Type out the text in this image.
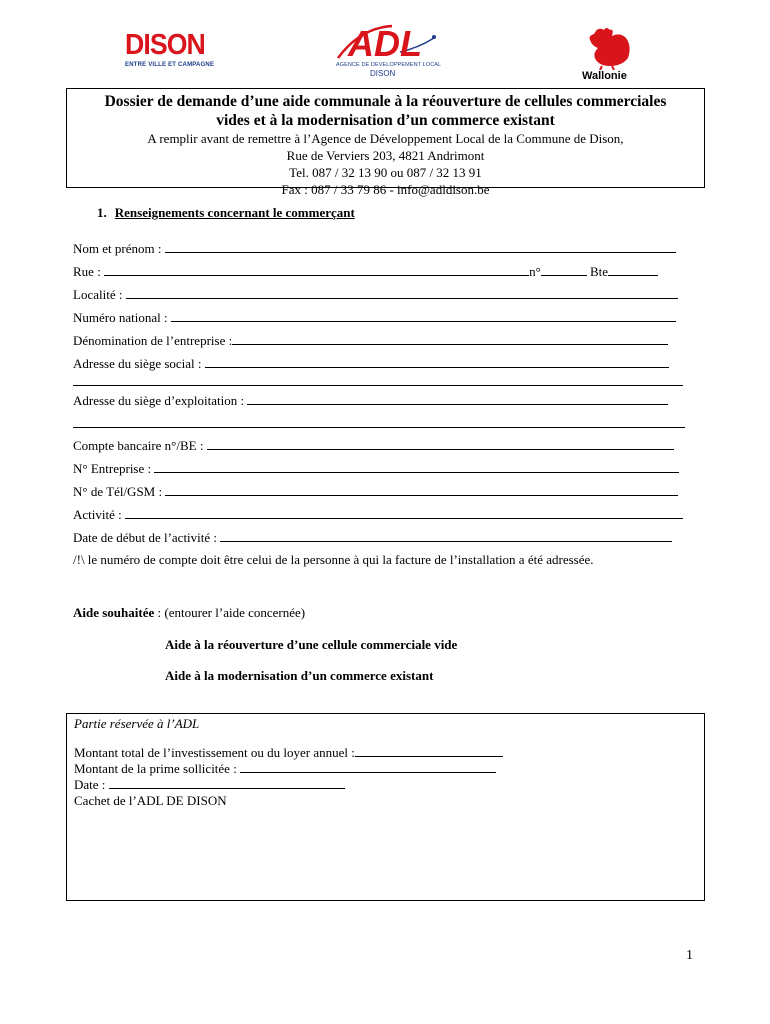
DISON
ENTRE VILLE ET CAMPAGNE
ADL
AGENCE DE DEVELOPPEMENT LOCAL
DISON	Wallonie
Dossier de demande d’une aide communale à la réouverture de cellules commerciales
vides et à la modernisation d’un commerce existant
A remplir avant de remettre à l’Agence de Développement Local de la Commune de Dison,
Rue de Verviers 203, 4821 Andrimont
Tel. 087 / 32 13 90 ou 087 / 32 13 91
Fax : 087 / 33 79 86 - info@adldison.be
1. Renseignements concernant le commerçant
Nom et prénom :
Rue :	n°	Bte
Localité :
Numéro national :
Dénomination de l’entreprise :
Adresse du siège social :
Adresse du siège d’exploitation :
Compte bancaire n°/BE :
N° Entreprise :
N° de Tél/GSM :
Activité :
Date de début de l’activité :
/!\ le numéro de compte doit être celui de la personne à qui la facture de l’installation a été adressée.
Aide souhaitée : (entourer l’aide concernée)
Aide à la réouverture d’une cellule commerciale vide
Aide à la modernisation d’un commerce existant
Partie réservée à l’ADL
Montant total de l’investissement ou du loyer annuel :
Montant de la prime sollicitée :
Date :
Cachet de l’ADL DE DISON
1
